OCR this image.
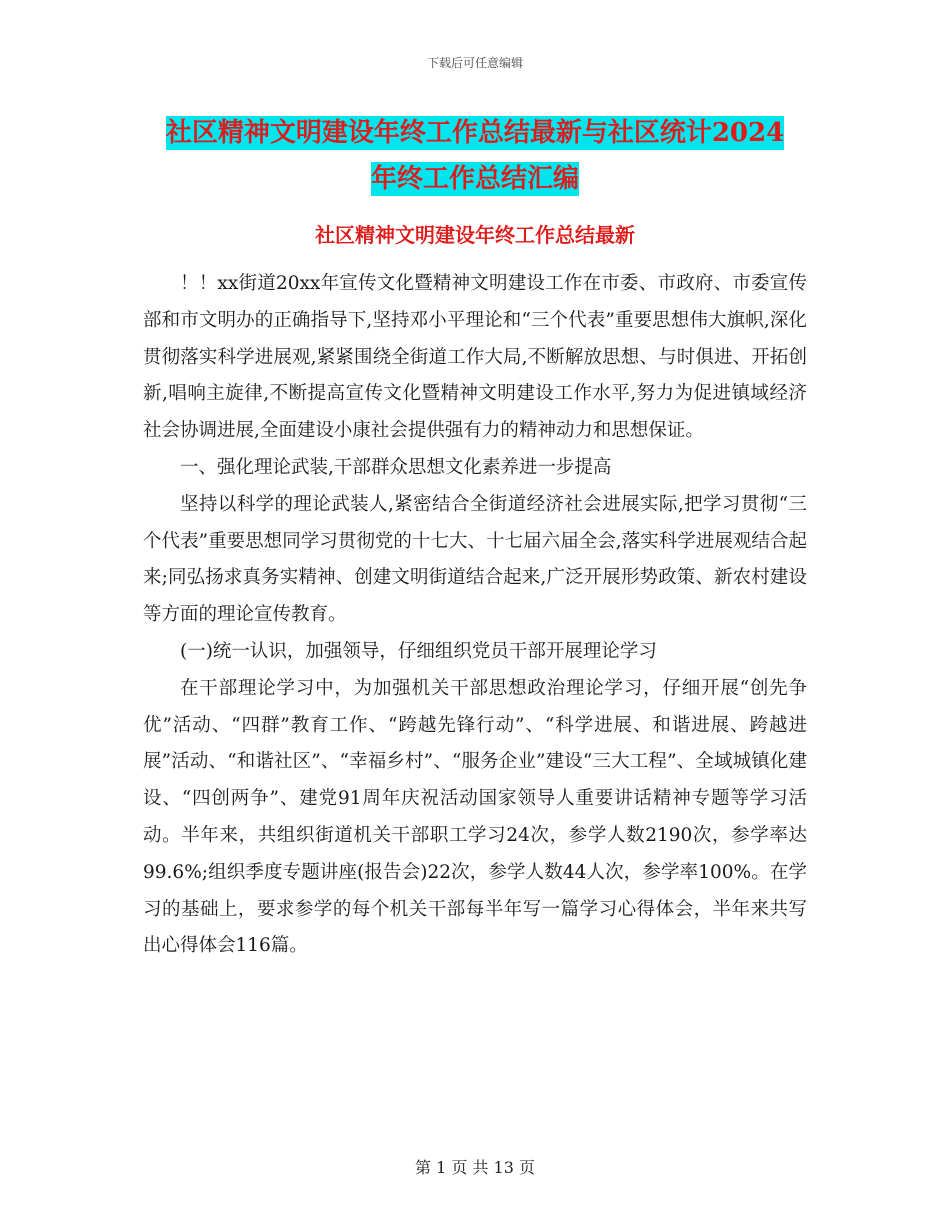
下载后可任意编辑
社区精神文明建设年终工作总结最新与社区统计2024
年终工作总结汇编
社区精神文明建设年终工作总结最新

！！xx街道20xx年宣传文化暨精神文明建设工作在市委、市政府、市委宣传部和市文明办的正确指导下,坚持邓小平理论和“三个代表”重要思想伟大旗帜,深化贯彻落实科学进展观,紧紧围绕全街道工作大局,不断解放思想、与时俱进、开拓创新,唱响主旋律,不断提高宣传文化暨精神文明建设工作水平,努力为促进镇域经济社会协调进展,全面建设小康社会提供强有力的精神动力和思想保证。

一、强化理论武装,干部群众思想文化素养进一步提高

坚持以科学的理论武装人,紧密结合全街道经济社会进展实际,把学习贯彻“三个代表”重要思想同学习贯彻党的十七大、十七届六届全会,落实科学进展观结合起来;同弘扬求真务实精神、创建文明街道结合起来,广泛开展形势政策、新农村建设等方面的理论宣传教育。

(一)统一认识，加强领导，仔细组织党员干部开展理论学习

在干部理论学习中，为加强机关干部思想政治理论学习，仔细开展“创先争优”活动、“四群”教育工作、“跨越先锋行动”、“科学进展、和谐进展、跨越进展”活动、“和谐社区”、“幸福乡村”、“服务企业”建设“三大工程”、全域城镇化建设、“四创两争”、建党91周年庆祝活动国家领导人重要讲话精神专题等学习活动。半年来，共组织街道机关干部职工学习24次，参学人数2190次，参学率达99.6%;组织季度专题讲座(报告会)22次，参学人数44人次，参学率100%。在学习的基础上，要求参学的每个机关干部每半年写一篇学习心得体会，半年来共写出心得体会116篇。

第 1 页 共 13 页
